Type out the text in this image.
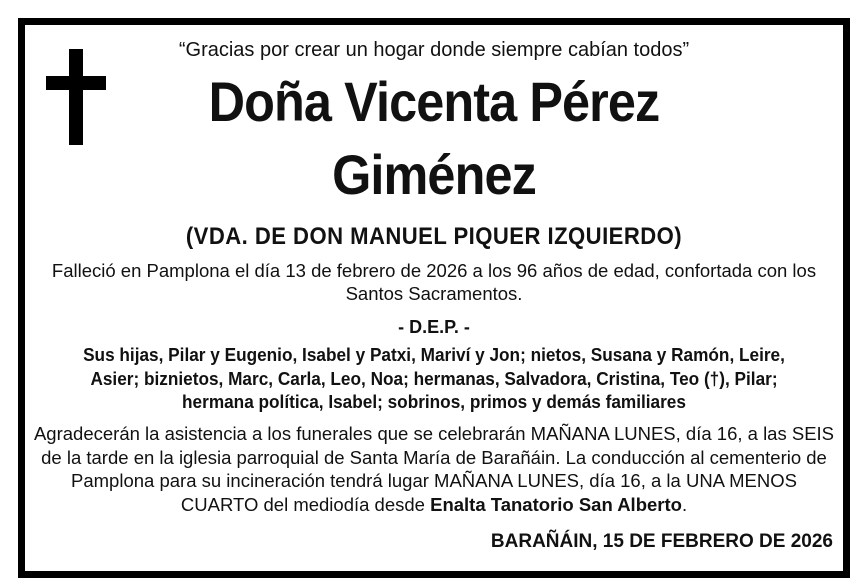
“Gracias por crear un hogar donde siempre cabían todos”
Doña Vicenta Pérez
Giménez
(VDA. DE DON MANUEL PIQUER IZQUIERDO)
Falleció en Pamplona el día 13 de febrero de 2026 a los 96 años de edad, confortada con los Santos Sacramentos.
- D.E.P. -
Sus hijas, Pilar y Eugenio, Isabel y Patxi, Mariví y Jon; nietos, Susana y Ramón, Leire, Asier; biznietos, Marc, Carla, Leo, Noa; hermanas, Salvadora, Cristina, Teo (†), Pilar; hermana política, Isabel; sobrinos, primos y demás familiares
Agradecerán la asistencia a los funerales que se celebrarán MAÑANA LUNES, día 16, a las SEIS de la tarde en la iglesia parroquial de Santa María de Barañáin. La conducción al cementerio de Pamplona para su incineración tendrá lugar MAÑANA LUNES, día 16, a la UNA MENOS CUARTO del mediodía desde Enalta Tanatorio San Alberto.
BARAÑÁIN, 15 DE FEBRERO DE 2026
